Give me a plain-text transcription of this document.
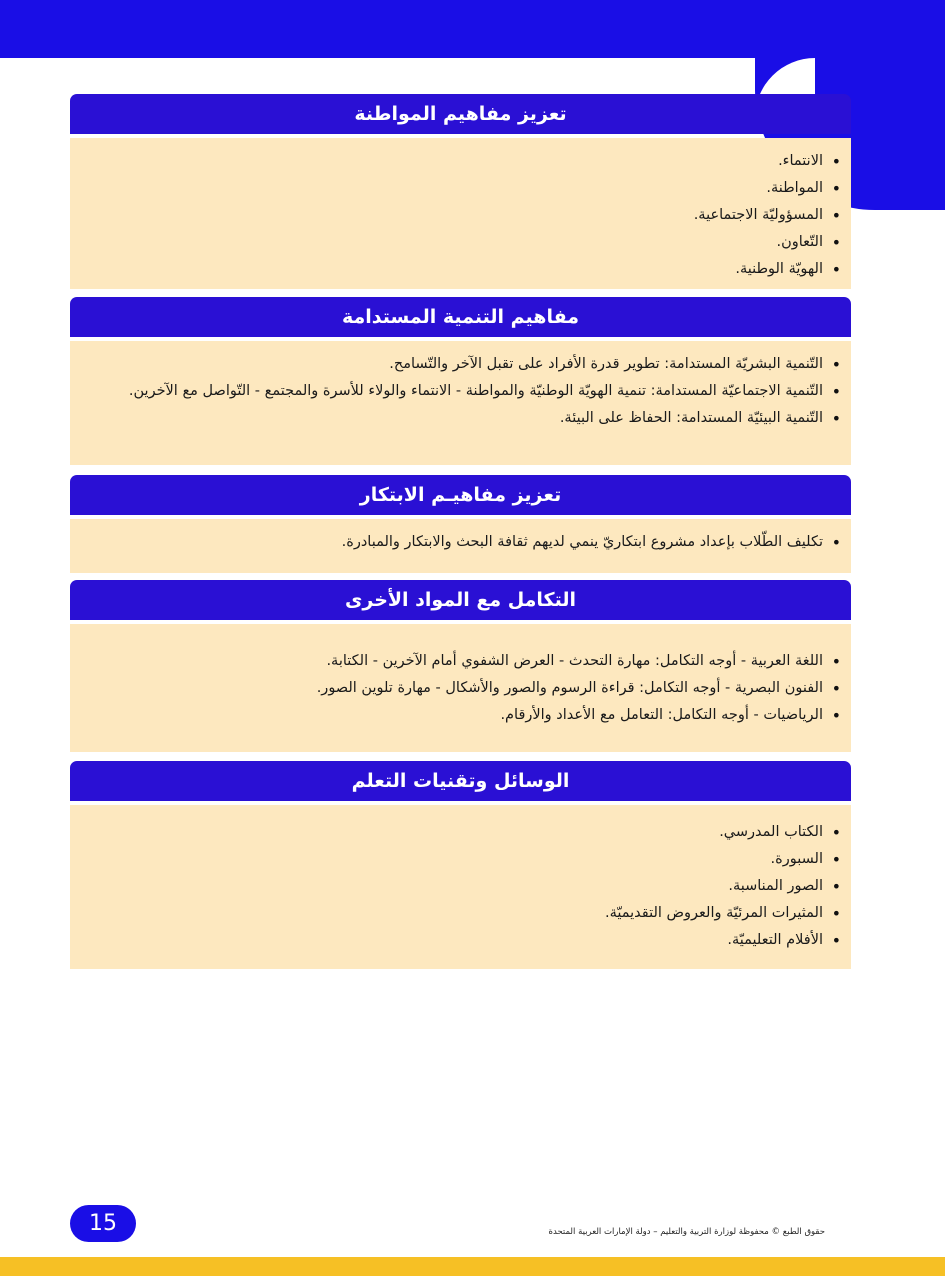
تعزيز مفاهيم المواطنة
• الانتماء.
• المواطنة.
• المسؤوليّة الاجتماعية.
• التّعاون.
• الهويّة الوطنية.
مفاهيم التنمية المستدامة
• التّنمية البشريّة المستدامة: تطوير قدرة الأفراد على تقبل الآخر والتّسامح.
• التّنمية الاجتماعيّة المستدامة: تنمية الهويّة الوطنيّة والمواطنة - الانتماء والولاء للأسرة والمجتمع - التّواصل مع الآخرين.
• التّنمية البيئيّة المستدامة: الحفاظ على البيئة.
تعزيز مفاهيـم الابتكار
• تكليف الطّلاب بإعداد مشروع ابتكاريّ ينمي لديهم ثقافة البحث والابتكار والمبادرة.
التكامل مع المواد الأخرى
• اللغة العربية - أوجه التكامل: مهارة التحدث - العرض الشفوي أمام الآخرين - الكتابة.
• الفنون البصرية - أوجه التكامل: قراءة الرسوم والصور والأشكال - مهارة تلوين الصور.
• الرياضيات - أوجه التكامل: التعامل مع الأعداد والأرقام.
الوسائل وتقنيات التعلم
• الكتاب المدرسي.
• السبورة.
• الصور المناسبة.
• المثيرات المرئيّة والعروض التقديميّة.
• الأفلام التعليميّة.
15	حقوق الطبع © محفوظة لوزارة التربية والتعليم – دولة الإمارات العربية المتحدة
